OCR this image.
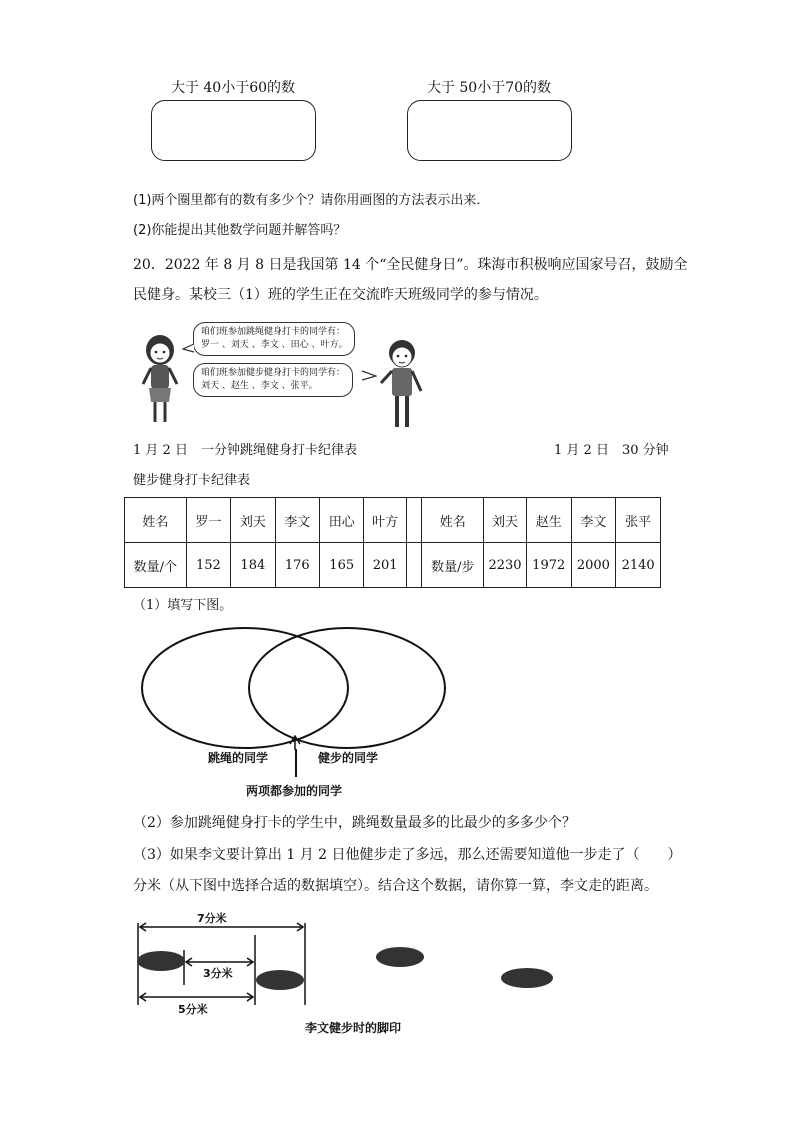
大于 40小于60的数	大于 50小于70的数
(1)两个圈里都有的数有多少个？请你用画图的方法表示出来．
(2)你能提出其他数学问题并解答吗？
20．2022 年 8 月 8 日是我国第 14 个“全民健身日”。珠海市积极响应国家号召，鼓励全
民健身。某校三（1）班的学生正在交流昨天班级同学的参与情况。
咱们班参加跳绳健身打卡的同学有：
罗一 、刘天 、李文 、田心 、叶方。
咱们班参加健步健身打卡的同学有：
刘天 、赵生 、李文 、张平。
1 月 2 日　一分钟跳绳健身打卡纪律表	1 月 2 日　30 分钟
健步健身打卡纪律表
姓名	罗一	刘天	李文	田心	叶方		姓名	刘天	赵生	李文	张平
数量/个	152	184	176	165	201		数量/步	2230	1972	2000	2140
（1）填写下图。
跳绳的同学	健步的同学
两项都参加的同学
（2）参加跳绳健身打卡的学生中，跳绳数量最多的比最少的多多少个？
（3）如果李文要计算出 1 月 2 日他健步走了多远，那么还需要知道他一步走了（　　）
分米（从下图中选择合适的数据填空）。结合这个数据，请你算一算，李文走的距离。
7分米
3分米
5分米
李文健步时的脚印
